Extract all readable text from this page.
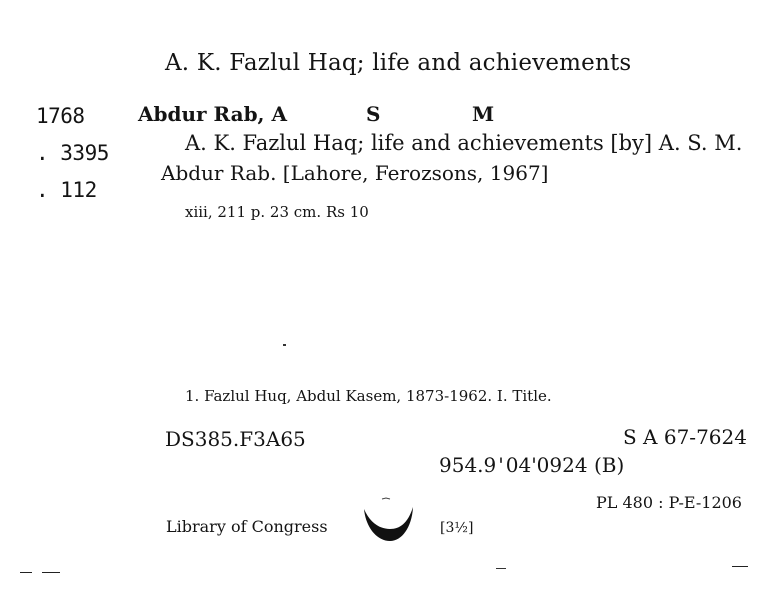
A. K. Fazlul Haq; life and achievements
1768
. 3395
. 112
Abdur Rab, A	S	M
A. K. Fazlul Haq; life and achievements [by] A. S. M.
Abdur Rab. [Lahore, Ferozsons, 1967]
xiii, 211 p. 23 cm. Rs 10
1. Fazlul Huq, Abdul Kasem, 1873-1962. I. Title.
DS385.F3A65	S A 67-7624
954.9 ' 04'0924 (B)
PL 480 : P-E-1206
Library of Congress	[3½]
